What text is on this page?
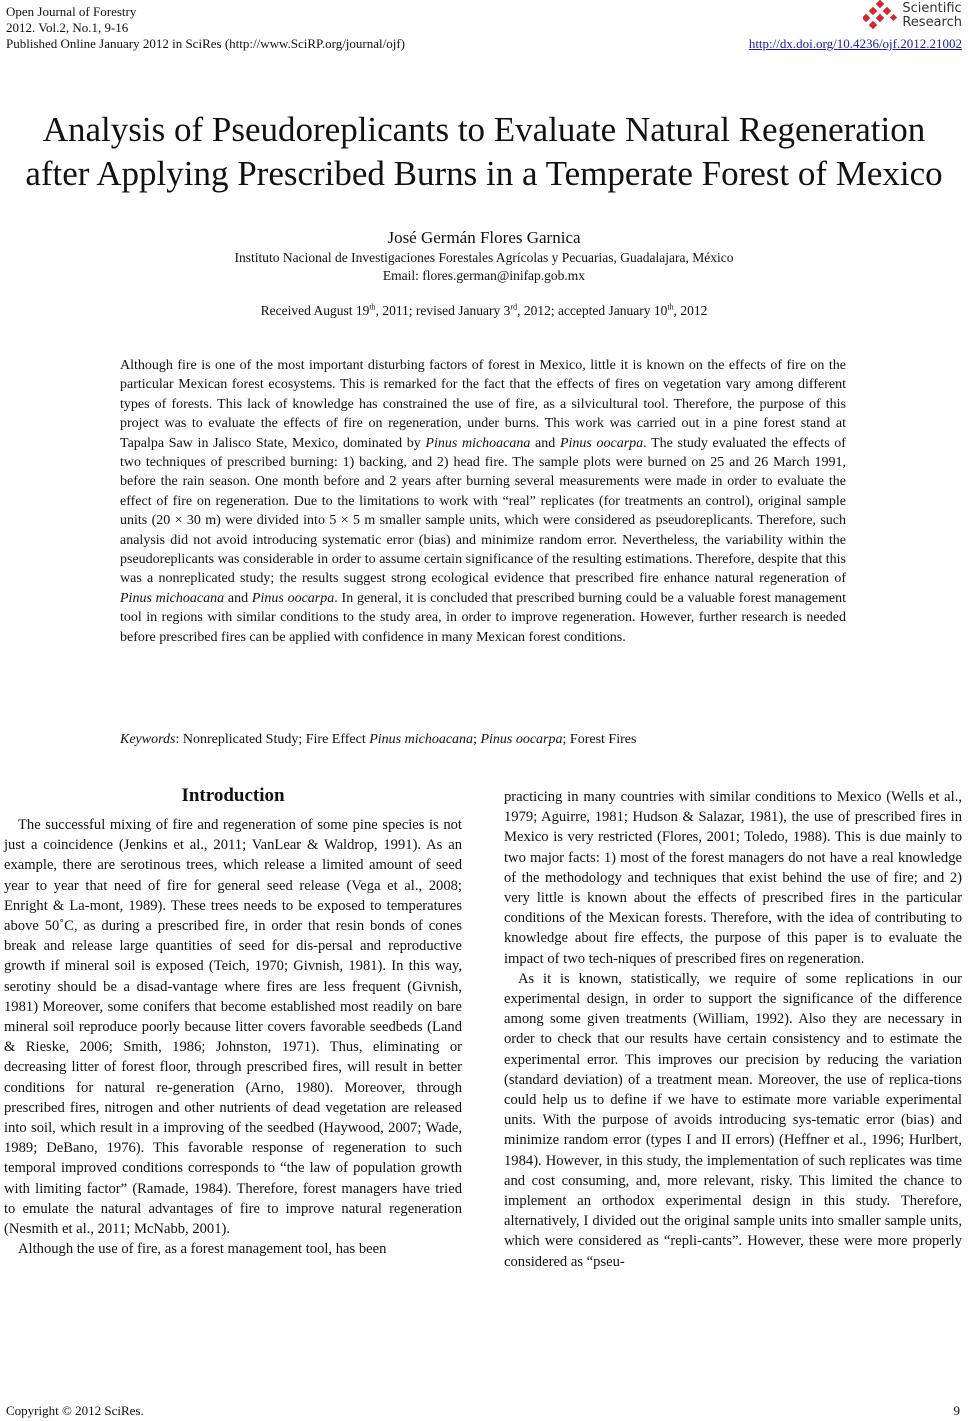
Open Journal of Forestry
2012. Vol.2, No.1, 9-16
Published Online January 2012 in SciRes (http://www.SciRP.org/journal/ojf)
Scientific
Research
http://dx.doi.org/10.4236/ojf.2012.21002
Analysis of Pseudoreplicants to Evaluate Natural Regeneration
after Applying Prescribed Burns in a Temperate Forest of Mexico
José Germán Flores Garnica
Instituto Nacional de Investigaciones Forestales Agrícolas y Pecuarias, Guadalajara, México
Email: flores.german@inifap.gob.mx
Received August 19th, 2011; revised January 3rd, 2012; accepted January 10th, 2012
Although fire is one of the most important disturbing factors of forest in Mexico, little it is known on the effects of fire on the particular Mexican forest ecosystems. This is remarked for the fact that the effects of fires on vegetation vary among different types of forests. This lack of knowledge has constrained the use of fire, as a silvicultural tool. Therefore, the purpose of this project was to evaluate the effects of fire on regeneration, under burns. This work was carried out in a pine forest stand at Tapalpa Saw in Jalisco State, Mexico, dominated by Pinus michoacana and Pinus oocarpa. The study evaluated the effects of two techniques of prescribed burning: 1) backing, and 2) head fire. The sample plots were burned on 25 and 26 March 1991, before the rain season. One month before and 2 years after burning several measurements were made in order to evaluate the effect of fire on regeneration. Due to the limitations to work with “real” replicates (for treatments an control), original sample units (20 × 30 m) were divided into 5 × 5 m smaller sample units, which were considered as pseudoreplicants. Therefore, such analysis did not avoid introducing systematic error (bias) and minimize random error. Nevertheless, the variability within the pseudoreplicants was considerable in order to assume certain significance of the resulting estimations. Therefore, despite that this was a nonreplicated study; the results suggest strong ecological evidence that prescribed fire enhance natural regeneration of Pinus michoacana and Pinus oocarpa. In general, it is concluded that prescribed burning could be a valuable forest management tool in regions with similar conditions to the study area, in order to improve regeneration. However, further research is needed before prescribed fires can be applied with confidence in many Mexican forest conditions.
Keywords: Nonreplicated Study; Fire Effect Pinus michoacana; Pinus oocarpa; Forest Fires
Introduction

The successful mixing of fire and regeneration of some pine species is not just a coincidence (Jenkins et al., 2011; VanLear & Waldrop, 1991). As an example, there are serotinous trees, which release a limited amount of seed year to year that need of fire for general seed release (Vega et al., 2008; Enright & La-mont, 1989). These trees needs to be exposed to temperatures above 50˚C, as during a prescribed fire, in order that resin bonds of cones break and release large quantities of seed for dis-persal and reproductive growth if mineral soil is exposed (Teich, 1970; Givnish, 1981). In this way, serotiny should be a disad-vantage where fires are less frequent (Givnish, 1981) Moreover, some conifers that become established most readily on bare mineral soil reproduce poorly because litter covers favorable seedbeds (Land & Rieske, 2006; Smith, 1986; Johnston, 1971). Thus, eliminating or decreasing litter of forest floor, through prescribed fires, will result in better conditions for natural re-generation (Arno, 1980). Moreover, through prescribed fires, nitrogen and other nutrients of dead vegetation are released into soil, which result in a improving of the seedbed (Haywood, 2007; Wade, 1989; DeBano, 1976). This favorable response of regeneration to such temporal improved conditions corresponds to “the law of population growth with limiting factor” (Ramade, 1984). Therefore, forest managers have tried to emulate the natural advantages of fire to improve natural regeneration (Nesmith et al., 2011; McNabb, 2001).

Although the use of fire, as a forest management tool, has been

practicing in many countries with similar conditions to Mexico (Wells et al., 1979; Aguirre, 1981; Hudson & Salazar, 1981), the use of prescribed fires in Mexico is very restricted (Flores, 2001; Toledo, 1988). This is due mainly to two major facts: 1) most of the forest managers do not have a real knowledge of the methodology and techniques that exist behind the use of fire; and 2) very little is known about the effects of prescribed fires in the particular conditions of the Mexican forests. Therefore, with the idea of contributing to knowledge about fire effects, the purpose of this paper is to evaluate the impact of two tech-niques of prescribed fires on regeneration.

As it is known, statistically, we require of some replications in our experimental design, in order to support the significance of the difference among some given treatments (William, 1992). Also they are necessary in order to check that our results have certain consistency and to estimate the experimental error. This improves our precision by reducing the variation (standard deviation) of a treatment mean. Moreover, the use of replica-tions could help us to define if we have to estimate more variable experimental units. With the purpose of avoids introducing sys-tematic error (bias) and minimize random error (types I and II errors) (Heffner et al., 1996; Hurlbert, 1984). However, in this study, the implementation of such replicates was time and cost consuming, and, more relevant, risky. This limited the chance to implement an orthodox experimental design in this study. Therefore, alternatively, I divided out the original sample units into smaller sample units, which were considered as “repli-cants”. However, these were more properly considered as “pseu-

Copyright © 2012 SciRes.	9
